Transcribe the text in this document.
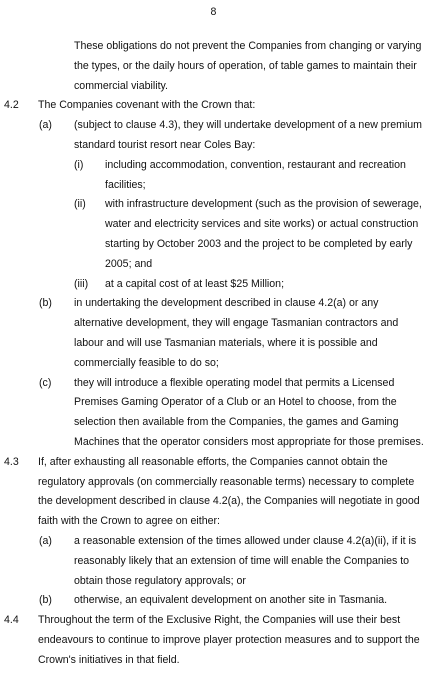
8
These obligations do not prevent the Companies from changing or varying the types, or the daily hours of operation, of table games to maintain their commercial viability.
4.2 The Companies covenant with the Crown that:
(a) (subject to clause 4.3), they will undertake development of a new premium standard tourist resort near Coles Bay:
(i) including accommodation, convention, restaurant and recreation facilities;
(ii) with infrastructure development (such as the provision of sewerage, water and electricity services and site works) or actual construction starting by October 2003 and the project to be completed by early 2005; and
(iii) at a capital cost of at least $25 Million;
(b) in undertaking the development described in clause 4.2(a) or any alternative development, they will engage Tasmanian contractors and labour and will use Tasmanian materials, where it is possible and commercially feasible to do so;
(c) they will introduce a flexible operating model that permits a Licensed Premises Gaming Operator of a Club or an Hotel to choose, from the selection then available from the Companies, the games and Gaming Machines that the operator considers most appropriate for those premises.
4.3 If, after exhausting all reasonable efforts, the Companies cannot obtain the regulatory approvals (on commercially reasonable terms) necessary to complete the development described in clause 4.2(a), the Companies will negotiate in good faith with the Crown to agree on either:
(a) a reasonable extension of the times allowed under clause 4.2(a)(ii), if it is reasonably likely that an extension of time will enable the Companies to obtain those regulatory approvals; or
(b) otherwise, an equivalent development on another site in Tasmania.
4.4 Throughout the term of the Exclusive Right, the Companies will use their best endeavours to continue to improve player protection measures and to support the Crown's initiatives in that field.
